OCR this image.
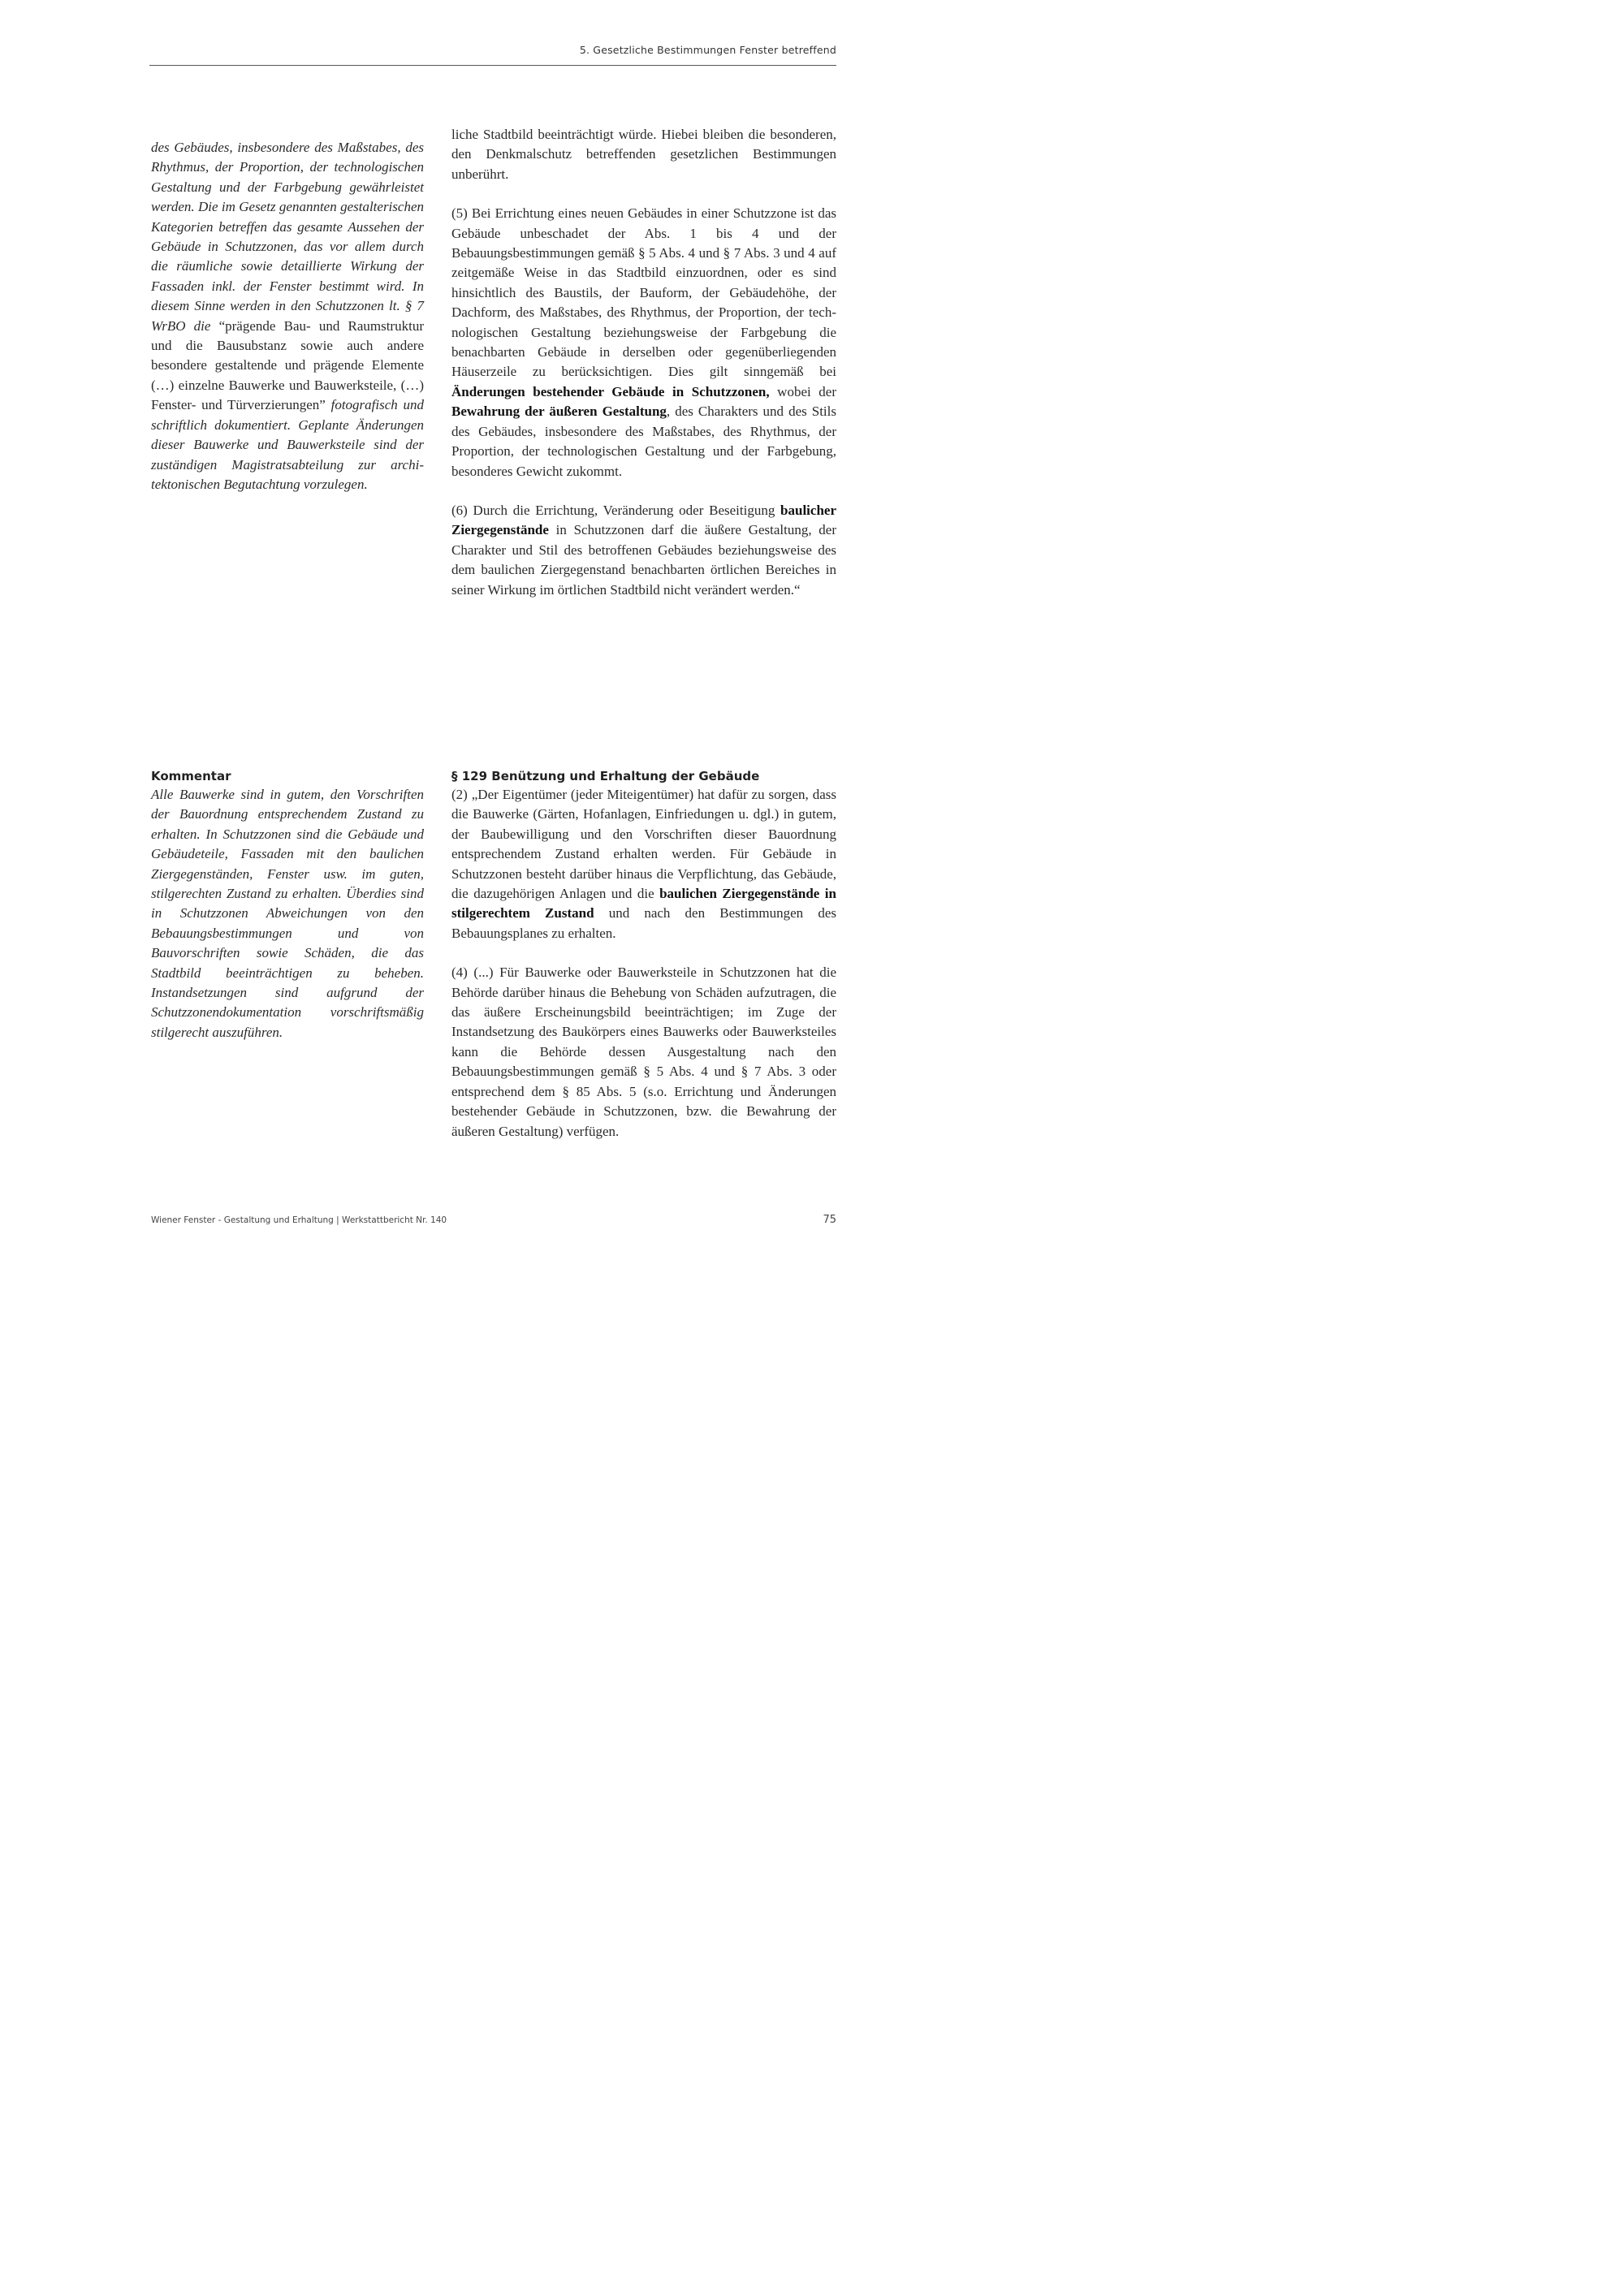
5. Gesetzliche Bestimmungen Fenster betreffend

des Gebäudes, insbesondere des Maßstabes, des Rhythmus, der Proportion, der technologischen Gestaltung und der Farbgebung gewährleistet werden. Die im Gesetz genannten gestalterischen Kategorien betreffen das gesamte Aussehen der Gebäude in Schutzzonen, das vor allem durch die räumliche sowie detaillierte Wirkung der Fassaden inkl. der Fenster bestimmt wird. In diesem Sinne werden in den Schutzzonen lt. § 7 WrBO die “prägende Bau- und Raumstruktur und die Bausubstanz sowie auch andere besondere gestaltende und prägende Elemente (…) einzelne Bauwerke und Bauwerksteile, (…) Fenster- und Türverzierungen” fotografisch und schriftlich dokumentiert. Geplante Änderungen dieser Bauwerke und Bauwerksteile sind der zuständigen Magistratsabteilung zur architektonischen Begutachtung vorzulegen.

liche Stadtbild beeinträchtigt würde. Hiebei bleiben die besonderen, den Denkmalschutz betreffenden gesetzlichen Bestimmungen unberührt.

(5) Bei Errichtung eines neuen Gebäudes in einer Schutzzone ist das Gebäude unbeschadet der Abs. 1 bis 4 und der Bebauungsbestimmungen gemäß § 5 Abs. 4 und § 7 Abs. 3 und 4 auf zeitgemäße Weise in das Stadtbild einzuordnen, oder es sind hinsichtlich des Baustils, der Bauform, der Gebäudehöhe, der Dachform, des Maßstabes, des Rhythmus, der Proportion, der technologischen Gestaltung beziehungsweise der Farbgebung die benachbarten Gebäude in derselben oder gegenüberliegenden Häuserzeile zu berücksichtigen. Dies gilt sinngemäß bei Änderungen bestehender Gebäude in Schutzzonen, wobei der Bewahrung der äußeren Gestaltung, des Charakters und des Stils des Gebäudes, insbesondere des Maßstabes, des Rhythmus, der Proportion, der technologischen Gestaltung und der Farbgebung, besonderes Gewicht zukommt.

(6) Durch die Errichtung, Veränderung oder Beseitigung baulicher Ziergegenstände in Schutzzonen darf die äußere Gestaltung, der Charakter und Stil des betroffenen Gebäudes beziehungsweise des dem baulichen Ziergegenstand benachbarten örtlichen Bereiches in seiner Wirkung im örtlichen Stadtbild nicht verändert werden.“

Kommentar

Alle Bauwerke sind in gutem, den Vorschriften der Bauordnung entsprechendem Zustand zu erhalten. In Schutzzonen sind die Gebäude und Gebäudeteile, Fassaden mit den baulichen Ziergegenständen, Fenster usw. im guten, stilgerechten Zustand zu erhalten. Überdies sind in Schutzzonen Abweichungen von den Bebauungsbestimmungen und von Bauvorschriften sowie Schäden, die das Stadtbild beeinträchtigen zu beheben. Instandsetzungen sind aufgrund der Schutzzonendokumentation vorschriftsmäßig stilgerecht auszuführen.

§ 129 Benützung und Erhaltung der Gebäude

(2) „Der Eigentümer (jeder Miteigentümer) hat dafür zu sorgen, dass die Bauwerke (Gärten, Hofanlagen, Einfriedungen u. dgl.) in gutem, der Baubewilligung und den Vorschriften dieser Bauordnung entsprechendem Zustand erhalten werden. Für Gebäude in Schutzzonen besteht darüber hinaus die Verpflichtung, das Gebäude, die dazugehörigen Anlagen und die baulichen Ziergegenstände in stilgerechtem Zustand und nach den Bestimmungen des Bebauungsplanes zu erhalten.

(4) (...) Für Bauwerke oder Bauwerksteile in Schutzzonen hat die Behörde darüber hinaus die Behebung von Schäden aufzutragen, die das äußere Erscheinungsbild beeinträchtigen; im Zuge der Instandsetzung des Baukörpers eines Bauwerks oder Bauwerksteiles kann die Behörde dessen Ausgestaltung nach den Bebauungsbestimmungen gemäß § 5 Abs. 4 und § 7 Abs. 3 oder entsprechend dem § 85 Abs. 5 (s.o. Errichtung und Änderungen bestehender Gebäude in Schutzzonen, bzw. die Bewahrung der äußeren Gestaltung) verfügen.

Wiener Fenster - Gestaltung und Erhaltung | Werkstattbericht Nr. 140	75
